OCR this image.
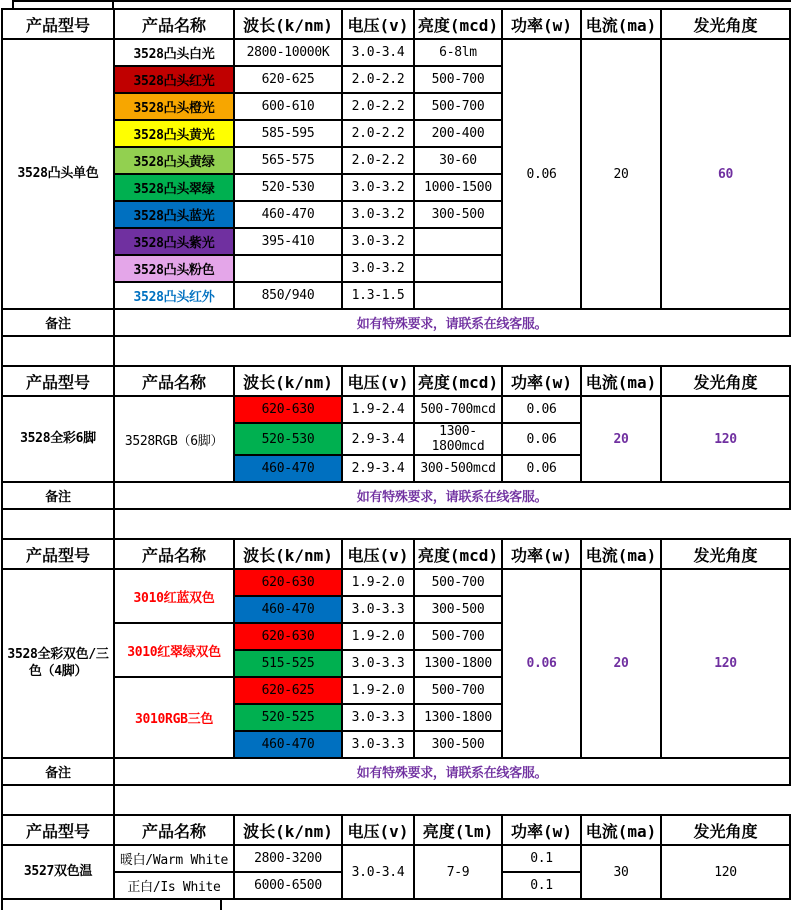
产品型号	产品名称	波长(k/nm)	电压(v)	亮度(mcd)	功率(w)	电流(ma)	发光角度
3528凸头单色	3528凸头白光	2800-10000K	3.0-3.4	6-8lm	0.06	20	60
	3528凸头红光	620-625	2.0-2.2	500-700			
	3528凸头橙光	600-610	2.0-2.2	500-700			
	3528凸头黄光	585-595	2.0-2.2	200-400			
	3528凸头黄绿	565-575	2.0-2.2	30-60			
	3528凸头翠绿	520-530	3.0-3.2	1000-1500			
	3528凸头蓝光	460-470	3.0-3.2	300-500			
	3528凸头紫光	395-410	3.0-3.2				
	3528凸头粉色		3.0-3.2				
	3528凸头红外	850/940	1.3-1.5				
备注	如有特殊要求，请联系在线客服。						
产品型号	产品名称	波长(k/nm)	电压(v)	亮度(mcd)	功率(w)	电流(ma)	发光角度
3528全彩6脚	3528RGB（6脚）	620-630	1.9-2.4	500-700mcd	0.06	20	120
		520-530	2.9-3.4	1300-1800mcd	0.06		
		460-470	2.9-3.4	300-500mcd	0.06		
备注	如有特殊要求，请联系在线客服。						
产品型号	产品名称	波长(k/nm)	电压(v)	亮度(mcd)	功率(w)	电流(ma)	发光角度
3528全彩双色/三色（4脚）	3010红蓝双色	620-630	1.9-2.0	500-700	0.06	20	120
		460-470	3.0-3.3	300-500			
	3010红翠绿双色	620-630	1.9-2.0	500-700			
		515-525	3.0-3.3	1300-1800			
	3010RGB三色	620-625	1.9-2.0	500-700			
		520-525	3.0-3.3	1300-1800			
		460-470	3.0-3.3	300-500			
备注	如有特殊要求，请联系在线客服。						
产品型号	产品名称	波长(k/nm)	电压(v)	亮度(lm)	功率(w)	电流(ma)	发光角度
3527双色温	暖白/Warm White	2800-3200	3.0-3.4	7-9	0.1	30	120
	正白/Is White	6000-6500			0.1		
